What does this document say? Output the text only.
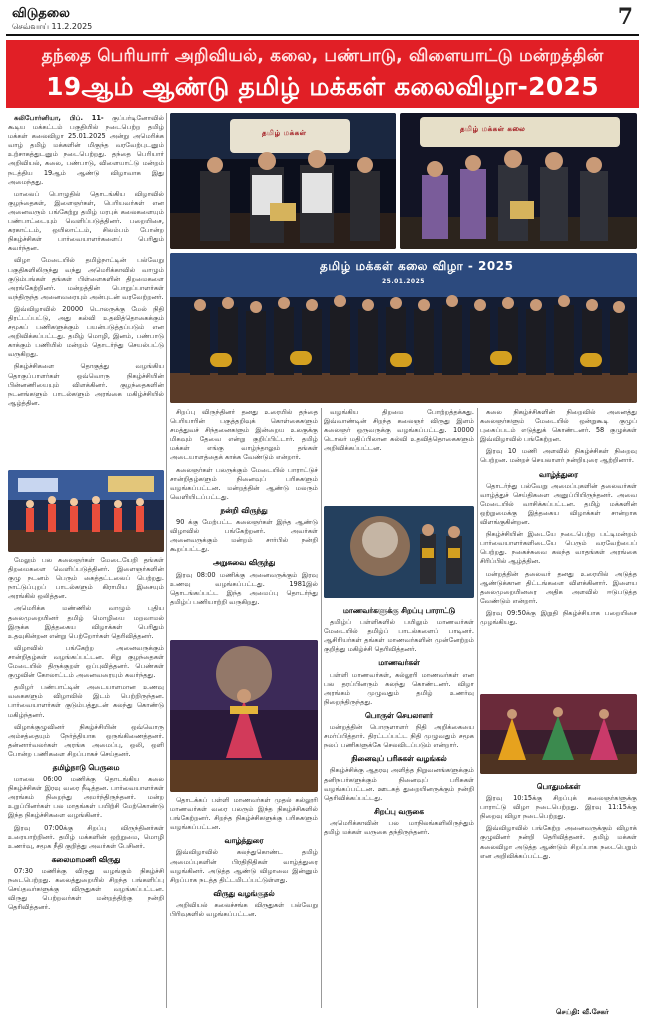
விடுதலை
செவ்வாய் 11.2.2025	7
தந்தை பெரியார் அறிவியல், கலை, பண்பாடு, விளையாட்டு மன்றத்தின்
19ஆம் ஆண்டு தமிழ் மக்கள் கலைவிழா-2025

கலிபோர்னியா, பிப். 11- குப்பர்டினோவில் கூடிய மக்கட்டம் பகுதியில் நடைபெற்ற தமிழ் மக்கள் கலைவிழா 25.01.2025 அன்று அமெரிக்க வாழ் தமிழ் மக்களின் மிகுந்த வரவேற்புடனும் உற்சாகத்துடனும் நடைபெற்றது. தந்தை பெரியார் அறிவியல், கலை, பண்பாடு, விளையாட்டு மன்றம் நடத்திய 19ஆம் ஆண்டு விழாவாக இது அமைந்தது.

மாலைப் பொழுதில் தொடங்கிய விழாவில் குழந்தைகள், இளைஞர்கள், பெரியவர்கள் என அனைவரும் பங்கேற்று தமிழ் மரபுக் கலைகளையும் பண்பாட்டையும் வெளிப்படுத்தினர். பறையிசை, கரகாட்டம், ஒயிலாட்டம், சிலம்பம் போன்ற நிகழ்ச்சிகள் பார்வையாளர்களைப் பெரிதும் கவர்ந்தன.

விழா மேடையில் தமிழ்நாட்டின் பல்வேறு பகுதிகளிலிருந்து வந்து அமெரிக்காவில் வாழும் குடும்பங்கள் தங்கள் பிள்ளைகளின் திறமைகளை அரங்கேற்றினர். மன்றத்தின் பொறுப்பாளர்கள் வந்திருந்த அனைவரையும் அன்புடன் வரவேற்றனர்.

இவ்விழாவில் 20000 டொலருக்கு மேல் நிதி திரட்டப்பட்டு, அது கல்வி உதவித்தொகைக்கும் சமூகப் பணிகளுக்கும் பயன்படுத்தப்படும் என அறிவிக்கப்பட்டது. தமிழ் மொழி, இனம், பண்பாடு காக்கும் பணியில் மன்றம் தொடர்ந்து செயல்பட்டு வருகிறது.

நிகழ்ச்சிகளை தொகுத்து வழங்கிய தொகுப்பாளர்கள் ஒவ்வொரு நிகழ்ச்சியின் பின்னணியையும் விளக்கினர். குழந்தைகளின் நடனங்களும் பாடல்களும் அரங்கை மகிழ்ச்சியில் ஆழ்த்தின.

மேலும் பல கலைஞர்கள் மேடையேறி தங்கள் திறமைகளை வெளிப்படுத்தினர். இளைஞர்களின் குழு நடனம் பெரும் கைத்தட்டலைப் பெற்றது. நாட்டுப்புறப் பாடல்களும் கிராமிய இசையும் அரங்கில் ஒலித்தன.

அமெரிக்க மண்ணில் வாழும் புதிய தலைமுறையினர் தமிழ் மொழியை மறவாமல் இருக்க இத்தகைய விழாக்கள் பெரிதும் உதவுகின்றன என்று பெற்றோர்கள் தெரிவித்தனர்.

விழாவில் பங்கேற்ற அனைவருக்கும் சான்றிதழ்கள் வழங்கப்பட்டன. சிறு குழந்தைகள் மேடையில் திருக்குறள் ஒப்புவித்தனர். பெண்கள் குழுவின் கோலாட்டம் அனைவரையும் கவர்ந்தது.

தமிழர் பண்பாட்டின் அடையாளமான உணவு வகைகளும் விழாவில் இடம் பெற்றிருந்தன. பார்வையாளர்கள் குடும்பத்துடன் கலந்து கொண்டு மகிழ்ந்தனர்.

விழாக்குழுவினர் நிகழ்ச்சியின் ஒவ்வொரு அம்சத்தையும் நேர்த்தியாக ஒருங்கிணைத்தனர். தன்னார்வலர்கள் அரங்க அமைப்பு, ஒலி, ஒளி போன்ற பணிகளை சிறப்பாகச் செய்தனர்.

தமிழ்நாடு பெருமை

மாலை 06:00 மணிக்கு தொடங்கிய கலை நிகழ்ச்சிகள் இரவு வரை நீடித்தன. பார்வையாளர்கள் அரங்கம் நிறைந்து அமர்ந்திருந்தனர். மன்ற உறுப்பினர்கள் பல மாதங்கள் பயிற்சி மேற்கொண்டு இந்த நிகழ்ச்சிகளை வழங்கினர்.

இரவு 07:00க்கு சிறப்பு விருந்தினர்கள் உரையாற்றினர். தமிழ் மக்களின் ஒற்றுமை, மொழி உணர்வு, சமூக நீதி குறித்து அவர்கள் பேசினர்.

கலைமாமணி விருது

07:30 மணிக்கு விருது வழங்கும் நிகழ்ச்சி நடைபெற்றது. கலைத்துறையில் சிறந்த பங்களிப்பு செய்தவர்களுக்கு விருதுகள் வழங்கப்பட்டன. விருது பெற்றவர்கள் மன்றத்திற்கு நன்றி தெரிவித்தனர்.

தமிழ் மக்கள்	தமிழ் மக்கள் கலை
தமிழ் மக்கள் கலை விழா - 2025
25.01.2025

சிறப்பு விருந்தினர் தனது உரையில் தந்தை பெரியாரின் பகுத்தறிவுக் கொள்கைகளும் சமத்துவச் சிந்தனைகளும் இன்றைய உலகுக்கு மிகவும் தேவை என்று குறிப்பிட்டார். தமிழ் மக்கள் எங்கு வாழ்ந்தாலும் தங்கள் அடையாளத்தைக் காக்க வேண்டும் என்றார்.

கலைஞர்கள் பலருக்கும் மேடையில் பாராட்டுச் சான்றிதழ்களும் நினைவுப் பரிசுகளும் வழங்கப்பட்டன. மன்றத்தின் ஆண்டு மலரும் வெளியிடப்பட்டது.

நன்றி விருந்து

90 க்கு மேற்பட்ட கலைஞர்கள் இந்த ஆண்டு விழாவில் பங்கேற்றனர். அவர்கள் அனைவருக்கும் மன்றம் சார்பில் நன்றி கூறப்பட்டது.

அறுசுவை விருந்து

இரவு 08:00 மணிக்கு அனைவருக்கும் இரவு உணவு வழங்கப்பட்டது. 1981இல் தொடங்கப்பட்ட இந்த அமைப்பு தொடர்ந்து தமிழ்ப் பணியாற்றி வருகிறது.

தொடக்கப் பள்ளி மாணவர்கள் முதல் கல்லூரி மாணவர்கள் வரை பலரும் இந்த நிகழ்ச்சிகளில் பங்கேற்றனர். சிறந்த நிகழ்ச்சிகளுக்கு பரிசுகளும் வழங்கப்பட்டன.

வாழ்த்துரை

இவ்விழாவில் கலந்துகொண்ட தமிழ் அமைப்புகளின் பிரதிநிதிகள் வாழ்த்துரை வழங்கினர். அடுத்த ஆண்டு விழாவை இன்னும் சிறப்பாக நடத்த திட்டமிடப்பட்டுள்ளது.

விருது வழங்குதல்

அறிவியல் கலைச்சங்க விருதுகள் பல்வேறு பிரிவுகளில் வழங்கப்பட்டன.

வழங்கிய திறமை போற்றத்தக்கது. இவ்வாண்டின் சிறந்த கலைஞர் விருது இளம் கலைஞர் ஒருவருக்கு வழங்கப்பட்டது. 10000 டொலர் மதிப்பிலான கல்வி உதவித்தொகைகளும் அறிவிக்கப்பட்டன.

மாணவர்களுக்கு சிறப்பு பாராட்டு

தமிழ்ப் பள்ளிகளில் பயிலும் மாணவர்கள் மேடையில் தமிழ்ப் பாடல்களைப் பாடினர். ஆசிரியர்கள் தங்கள் மாணவர்களின் முன்னேற்றம் குறித்து மகிழ்ச்சி தெரிவித்தனர்.

மாணவர்கள்

பள்ளி மாணவர்கள், கல்லூரி மாணவர்கள் என பல தரப்பினரும் கலந்து கொண்டனர். விழா அரங்கம் முழுவதும் தமிழ் உணர்வு நிறைந்திருந்தது.

பொருள் செயலாளர்

மன்றத்தின் பொருளாளர் நிதி அறிக்கையை சமர்ப்பித்தார். திரட்டப்பட்ட நிதி முழுவதும் சமூக நலப் பணிகளுக்கே செலவிடப்படும் என்றார்.

நினைவுப் பரிசுகள் வழங்கல்

நிகழ்ச்சிக்கு ஆதரவு அளித்த நிறுவனங்களுக்கும் தனிநபர்களுக்கும் நினைவுப் பரிசுகள் வழங்கப்பட்டன. ஊடகத் துறையினருக்கும் நன்றி தெரிவிக்கப்பட்டது.

சிறப்பு வருகை

அமெரிக்காவின் பல மாநிலங்களிலிருந்தும் தமிழ் மக்கள் வருகை தந்திருந்தனர்.

கலை நிகழ்ச்சிகளின் நிறைவில் அனைத்து கலைஞர்களும் மேடையில் ஒன்றுகூடி குழுப் புகைப்படம் எடுத்துக் கொண்டனர். 58 குழுக்கள் இவ்விழாவில் பங்கேற்றன.

இரவு 10 மணி அளவில் நிகழ்ச்சிகள் நிறைவு பெற்றன. மன்றச் செயலாளர் நன்றியுரை ஆற்றினார்.

வாழ்த்துரை

தொடர்ந்து பல்வேறு அமைப்புகளின் தலைவர்கள் வாழ்த்துச் செய்திகளை அனுப்பியிருந்தனர். அவை மேடையில் வாசிக்கப்பட்டன. தமிழ் மக்களின் ஒற்றுமைக்கு இத்தகைய விழாக்கள் சான்றாக விளங்குகின்றன.

நிகழ்ச்சியின் இடையே நடைபெற்ற பட்டிமன்றம் பார்வையாளர்களிடையே பெரும் வரவேற்பைப் பெற்றது. நகைச்சுவை கலந்த வாதங்கள் அரங்கை சிரிப்பில் ஆழ்த்தின.

மன்றத்தின் தலைவர் தனது உரையில் அடுத்த ஆண்டுக்கான திட்டங்களை விளக்கினார். இளைய தலைமுறையினரை அதிக அளவில் ஈடுபடுத்த வேண்டும் என்றார்.

இரவு 09:50க்கு இறுதி நிகழ்ச்சியாக பறையிசை முழங்கியது.

பொதுமக்கள்

இரவு 10:15க்கு சிறப்புக் கலைஞர்களுக்கு பாராட்டு விழா நடைபெற்றது. இரவு 11:15க்கு நிறைவு விழா நடைபெற்றது.

இவ்விழாவில் பங்கேற்ற அனைவருக்கும் விழாக் குழுவினர் நன்றி தெரிவித்தனர். தமிழ் மக்கள் கலைவிழா அடுத்த ஆண்டும் சிறப்பாக நடைபெறும் என அறிவிக்கப்பட்டது.

செய்தி: வீ.சேகர்
